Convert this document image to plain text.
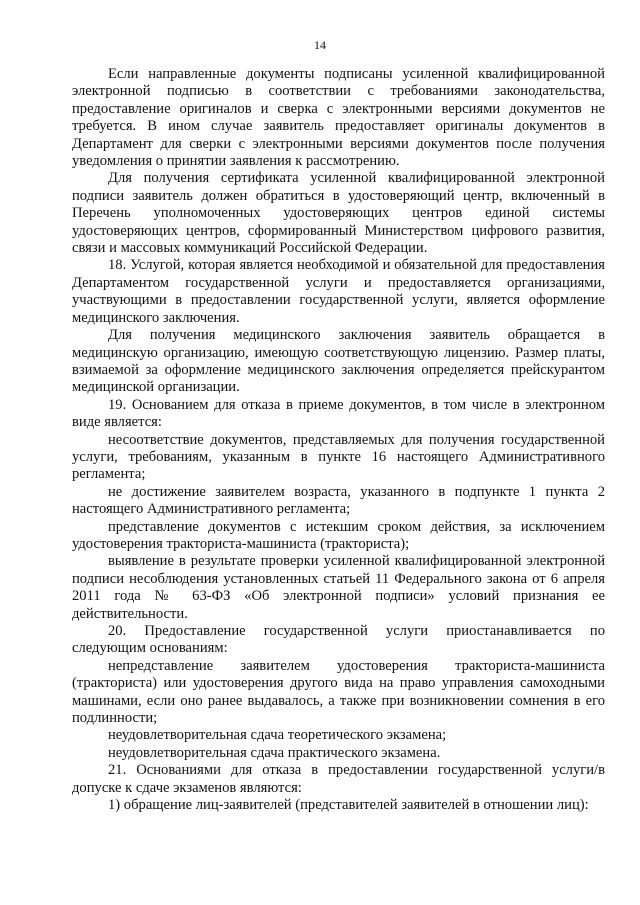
14

Если направленные документы подписаны усиленной квалифицированной электронной подписью в соответствии с требованиями законодательства, предоставление оригиналов и сверка с электронными версиями документов не требуется. В ином случае заявитель предоставляет оригиналы документов в Департамент для сверки с электронными версиями документов после получения уведомления о принятии заявления к рассмотрению.

Для получения сертификата усиленной квалифицированной электронной подписи заявитель должен обратиться в удостоверяющий центр, включенный в Перечень уполномоченных удостоверяющих центров единой системы удостоверяющих центров, сформированный Министерством цифрового развития, связи и массовых коммуникаций Российской Федерации.

18. Услугой, которая является необходимой и обязательной для предоставления Департаментом государственной услуги и предоставляется организациями, участвующими в предоставлении государственной услуги, является оформление медицинского заключения.

Для получения медицинского заключения заявитель обращается в медицинскую организацию, имеющую соответствующую лицензию. Размер платы, взимаемой за оформление медицинского заключения определяется прейскурантом медицинской организации.

19. Основанием для отказа в приеме документов, в том числе в электронном виде является:

несоответствие документов, представляемых для получения государственной услуги, требованиям, указанным в пункте 16 настоящего Административного регламента;

не достижение заявителем возраста, указанного в подпункте 1 пункта 2 настоящего Административного регламента;

представление документов с истекшим сроком действия, за исключением удостоверения тракториста-машиниста (тракториста);

выявление в результате проверки усиленной квалифицированной электронной подписи несоблюдения установленных статьей 11 Федерального закона от 6 апреля 2011 года № 63-ФЗ «Об электронной подписи» условий признания ее действительности.

20. Предоставление государственной услуги приостанавливается по следующим основаниям:

непредставление заявителем удостоверения тракториста-машиниста (тракториста) или удостоверения другого вида на право управления самоходными машинами, если оно ранее выдавалось, а также при возникновении сомнения в его подлинности;

неудовлетворительная сдача теоретического экзамена;

неудовлетворительная сдача практического экзамена.

21. Основаниями для отказа в предоставлении государственной услуги/в допуске к сдаче экзаменов являются:

1) обращение лиц-заявителей (представителей заявителей в отношении лиц):
